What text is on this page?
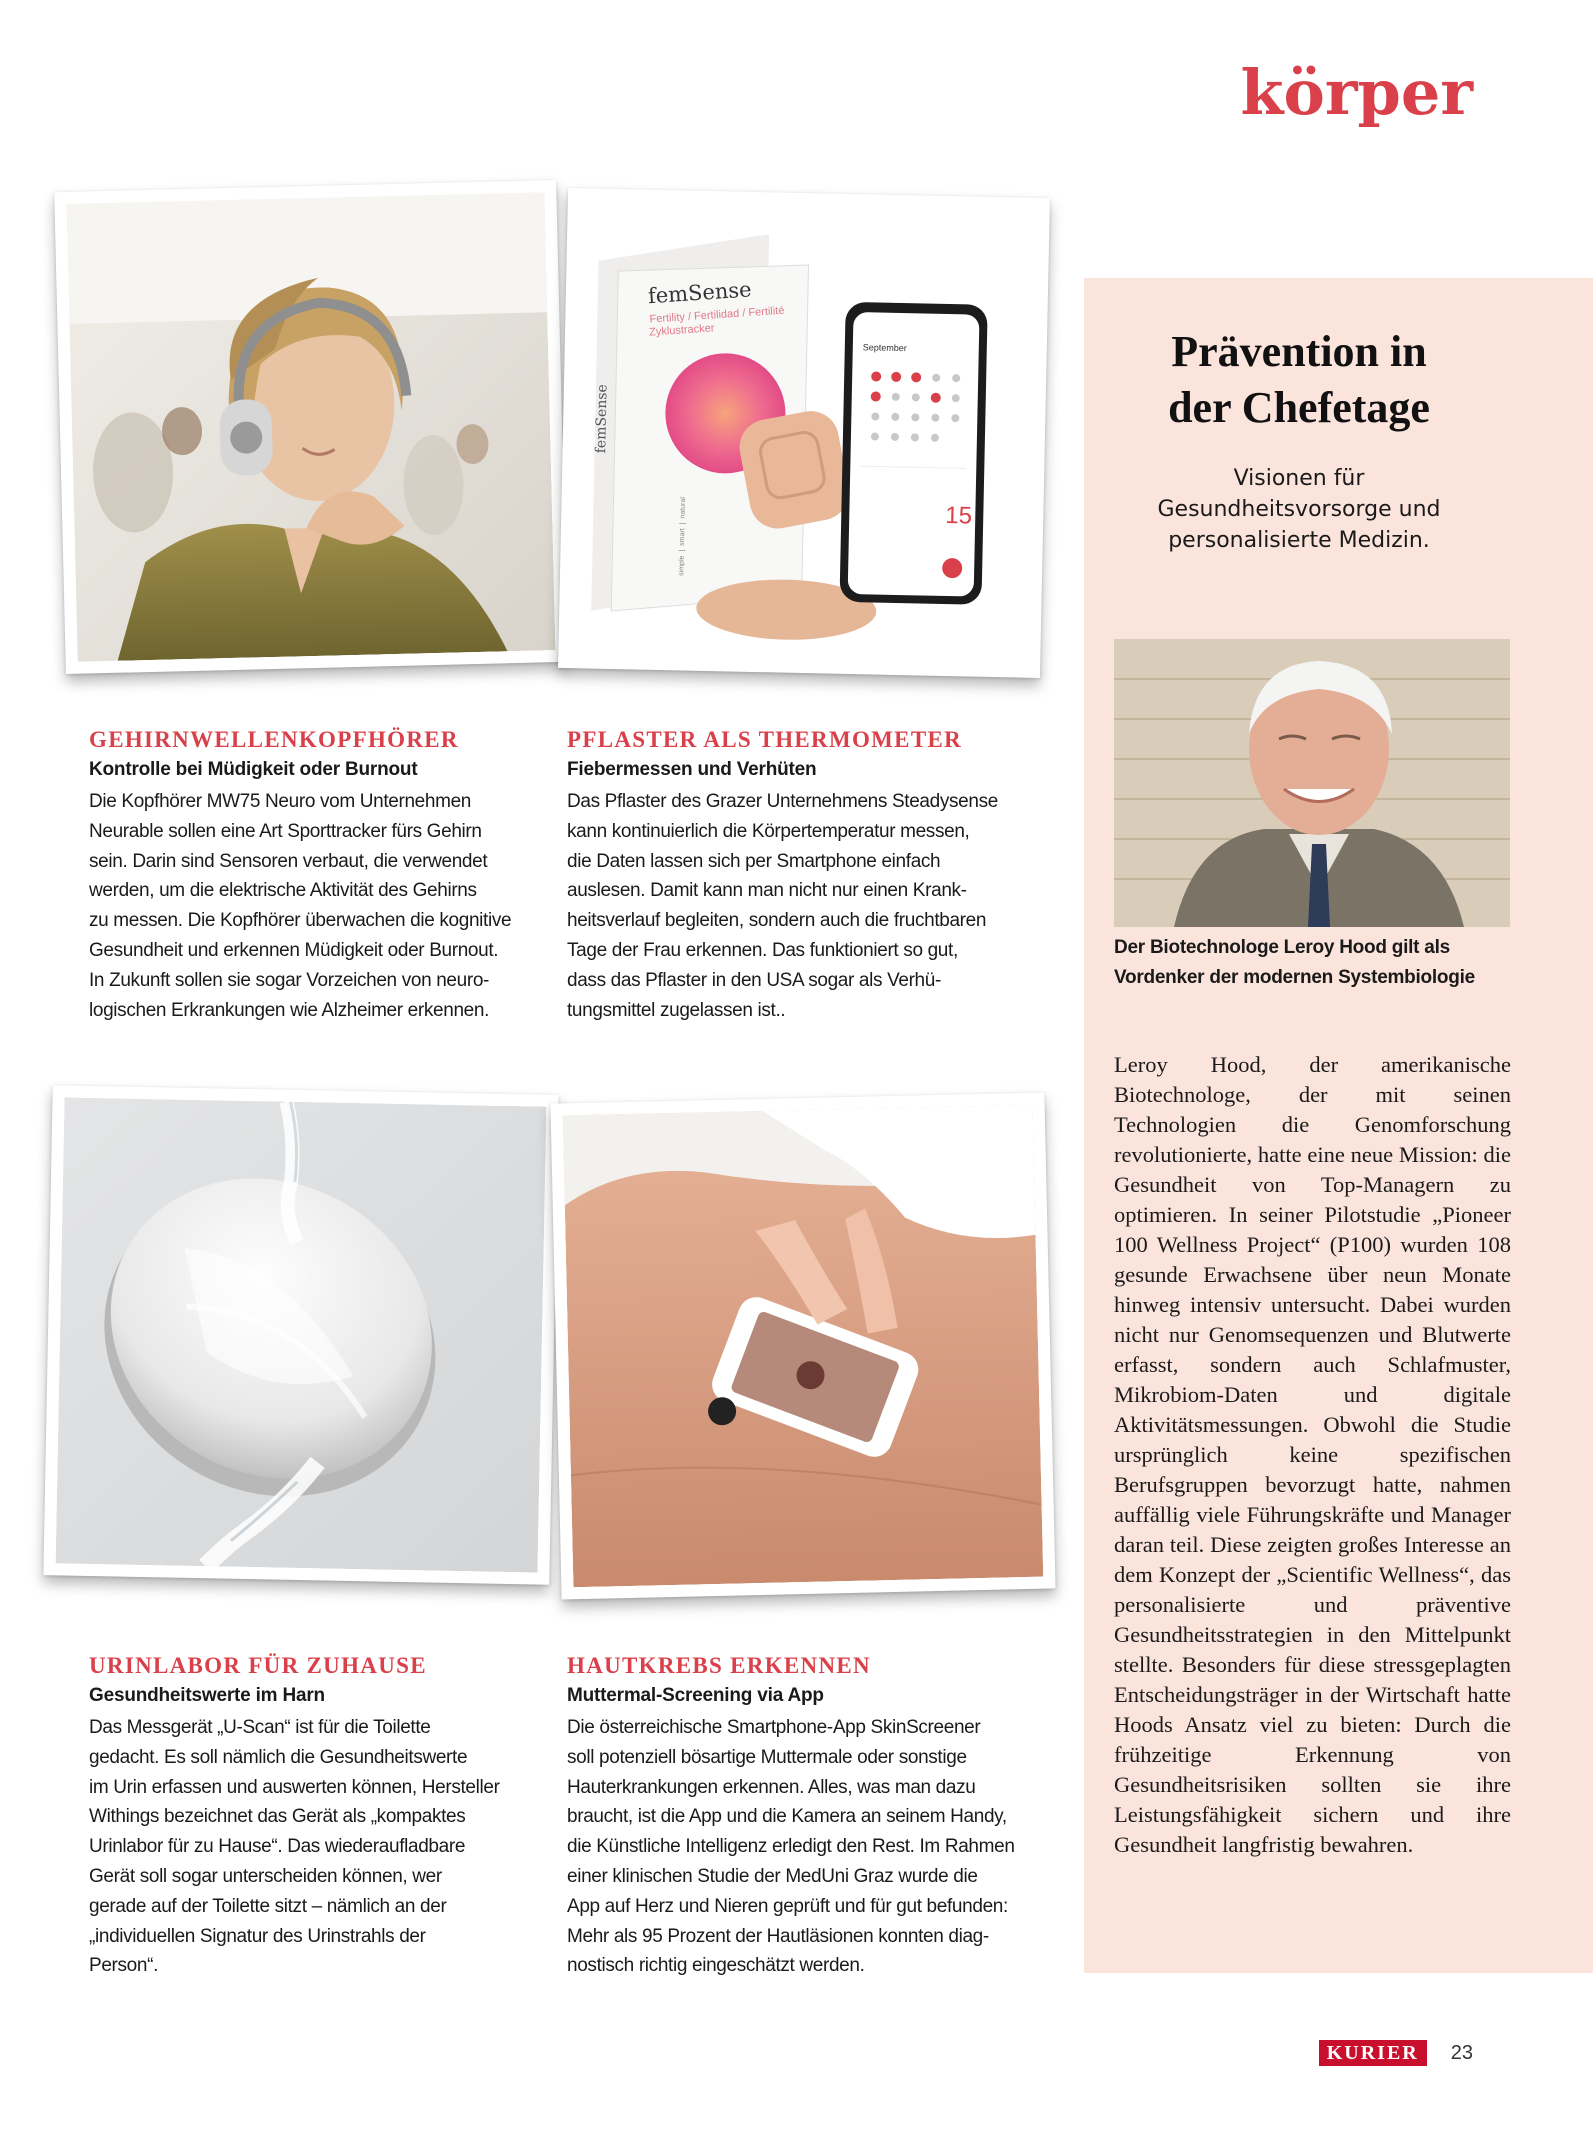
körper
femSense
Fertility / Fertilidad / Fertilité
Zyklustracker
femSense
simple ❘ smart ❘ natural
September
15
GEHIRNWELLENKOPFHÖRER
Kontrolle bei Müdigkeit oder Burnout

Die Kopfhörer MW75 Neuro vom Unternehmen
Neurable sollen eine Art Sporttracker fürs Gehirn
sein. Darin sind Sensoren verbaut, die verwendet
werden, um die elektrische Aktivität des Gehirns
zu messen. Die Kopfhörer überwachen die kognitive
Gesundheit und erkennen Müdigkeit oder Burnout.
In Zukunft sollen sie sogar Vorzeichen von neuro-
logischen Erkrankungen wie Alzheimer erkennen.

PFLASTER ALS THERMOMETER
Fiebermessen und Verhüten

Das Pflaster des Grazer Unternehmens Steadysense
kann kontinuierlich die Körpertemperatur messen,
die Daten lassen sich per Smartphone einfach
auslesen. Damit kann man nicht nur einen Krank-
heitsverlauf begleiten, sondern auch die fruchtbaren
Tage der Frau erkennen. Das funktioniert so gut,
dass das Pflaster in den USA sogar als Verhü-
tungsmittel zugelassen ist..

URINLABOR FÜR ZUHAUSE
Gesundheitswerte im Harn

Das Messgerät „U-Scan“ ist für die Toilette
gedacht. Es soll nämlich die Gesundheitswerte
im Urin erfassen und auswerten können, Hersteller
Withings bezeichnet das Gerät als „kompaktes
Urinlabor für zu Hause“. Das wiederaufladbare
Gerät soll sogar unterscheiden können, wer
gerade auf der Toilette sitzt – nämlich an der
„individuellen Signatur des Urinstrahls der
Person“.

HAUTKREBS ERKENNEN
Muttermal-Screening via App

Die österreichische Smartphone-App SkinScreener
soll potenziell bösartige Muttermale oder sonstige
Hauterkrankungen erkennen. Alles, was man dazu
braucht, ist die App und die Kamera an seinem Handy,
die Künstliche Intelligenz erledigt den Rest. Im Rahmen
einer klinischen Studie der MedUni Graz wurde die
App auf Herz und Nieren geprüft und für gut befunden:
Mehr als 95 Prozent der Hautläsionen konnten diag-
nostisch richtig eingeschätzt werden.

Prävention in
der Chefetage

Visionen für
Gesundheitsvorsorge und
personalisierte Medizin.

Der Biotechnologe Leroy Hood gilt als
Vordenker der modernen Systembiologie

Leroy Hood, der amerikanische Biotechnologe, der mit seinen Technologien die Genomforschung revolutionierte, hatte eine neue Mission: die Gesundheit von Top-Managern zu optimieren. In seiner Pilotstudie „Pioneer 100 Wellness Project“ (P100) wurden 108 gesunde Erwachsene über neun Monate hinweg intensiv untersucht. Dabei wurden nicht nur Genomsequenzen und Blutwerte erfasst, sondern auch Schlafmuster, Mikrobiom-Daten und digitale Aktivitätsmessungen. Obwohl die Studie ursprünglich keine spezifischen Berufsgruppen bevorzugt hatte, nahmen auffällig viele Führungskräfte und Manager daran teil. Diese zeigten großes Interesse an dem Konzept der „Scientific Wellness“, das personalisierte und präventive Gesundheitsstrategien in den Mittelpunkt stellte. Besonders für diese stressgeplagten Entscheidungsträger in der Wirtschaft hatte Hoods Ansatz viel zu bieten: Durch die frühzeitige Erkennung von Gesundheitsrisiken sollten sie ihre Leistungsfähigkeit sichern und ihre Gesundheit langfristig bewahren.

KURIER	23
